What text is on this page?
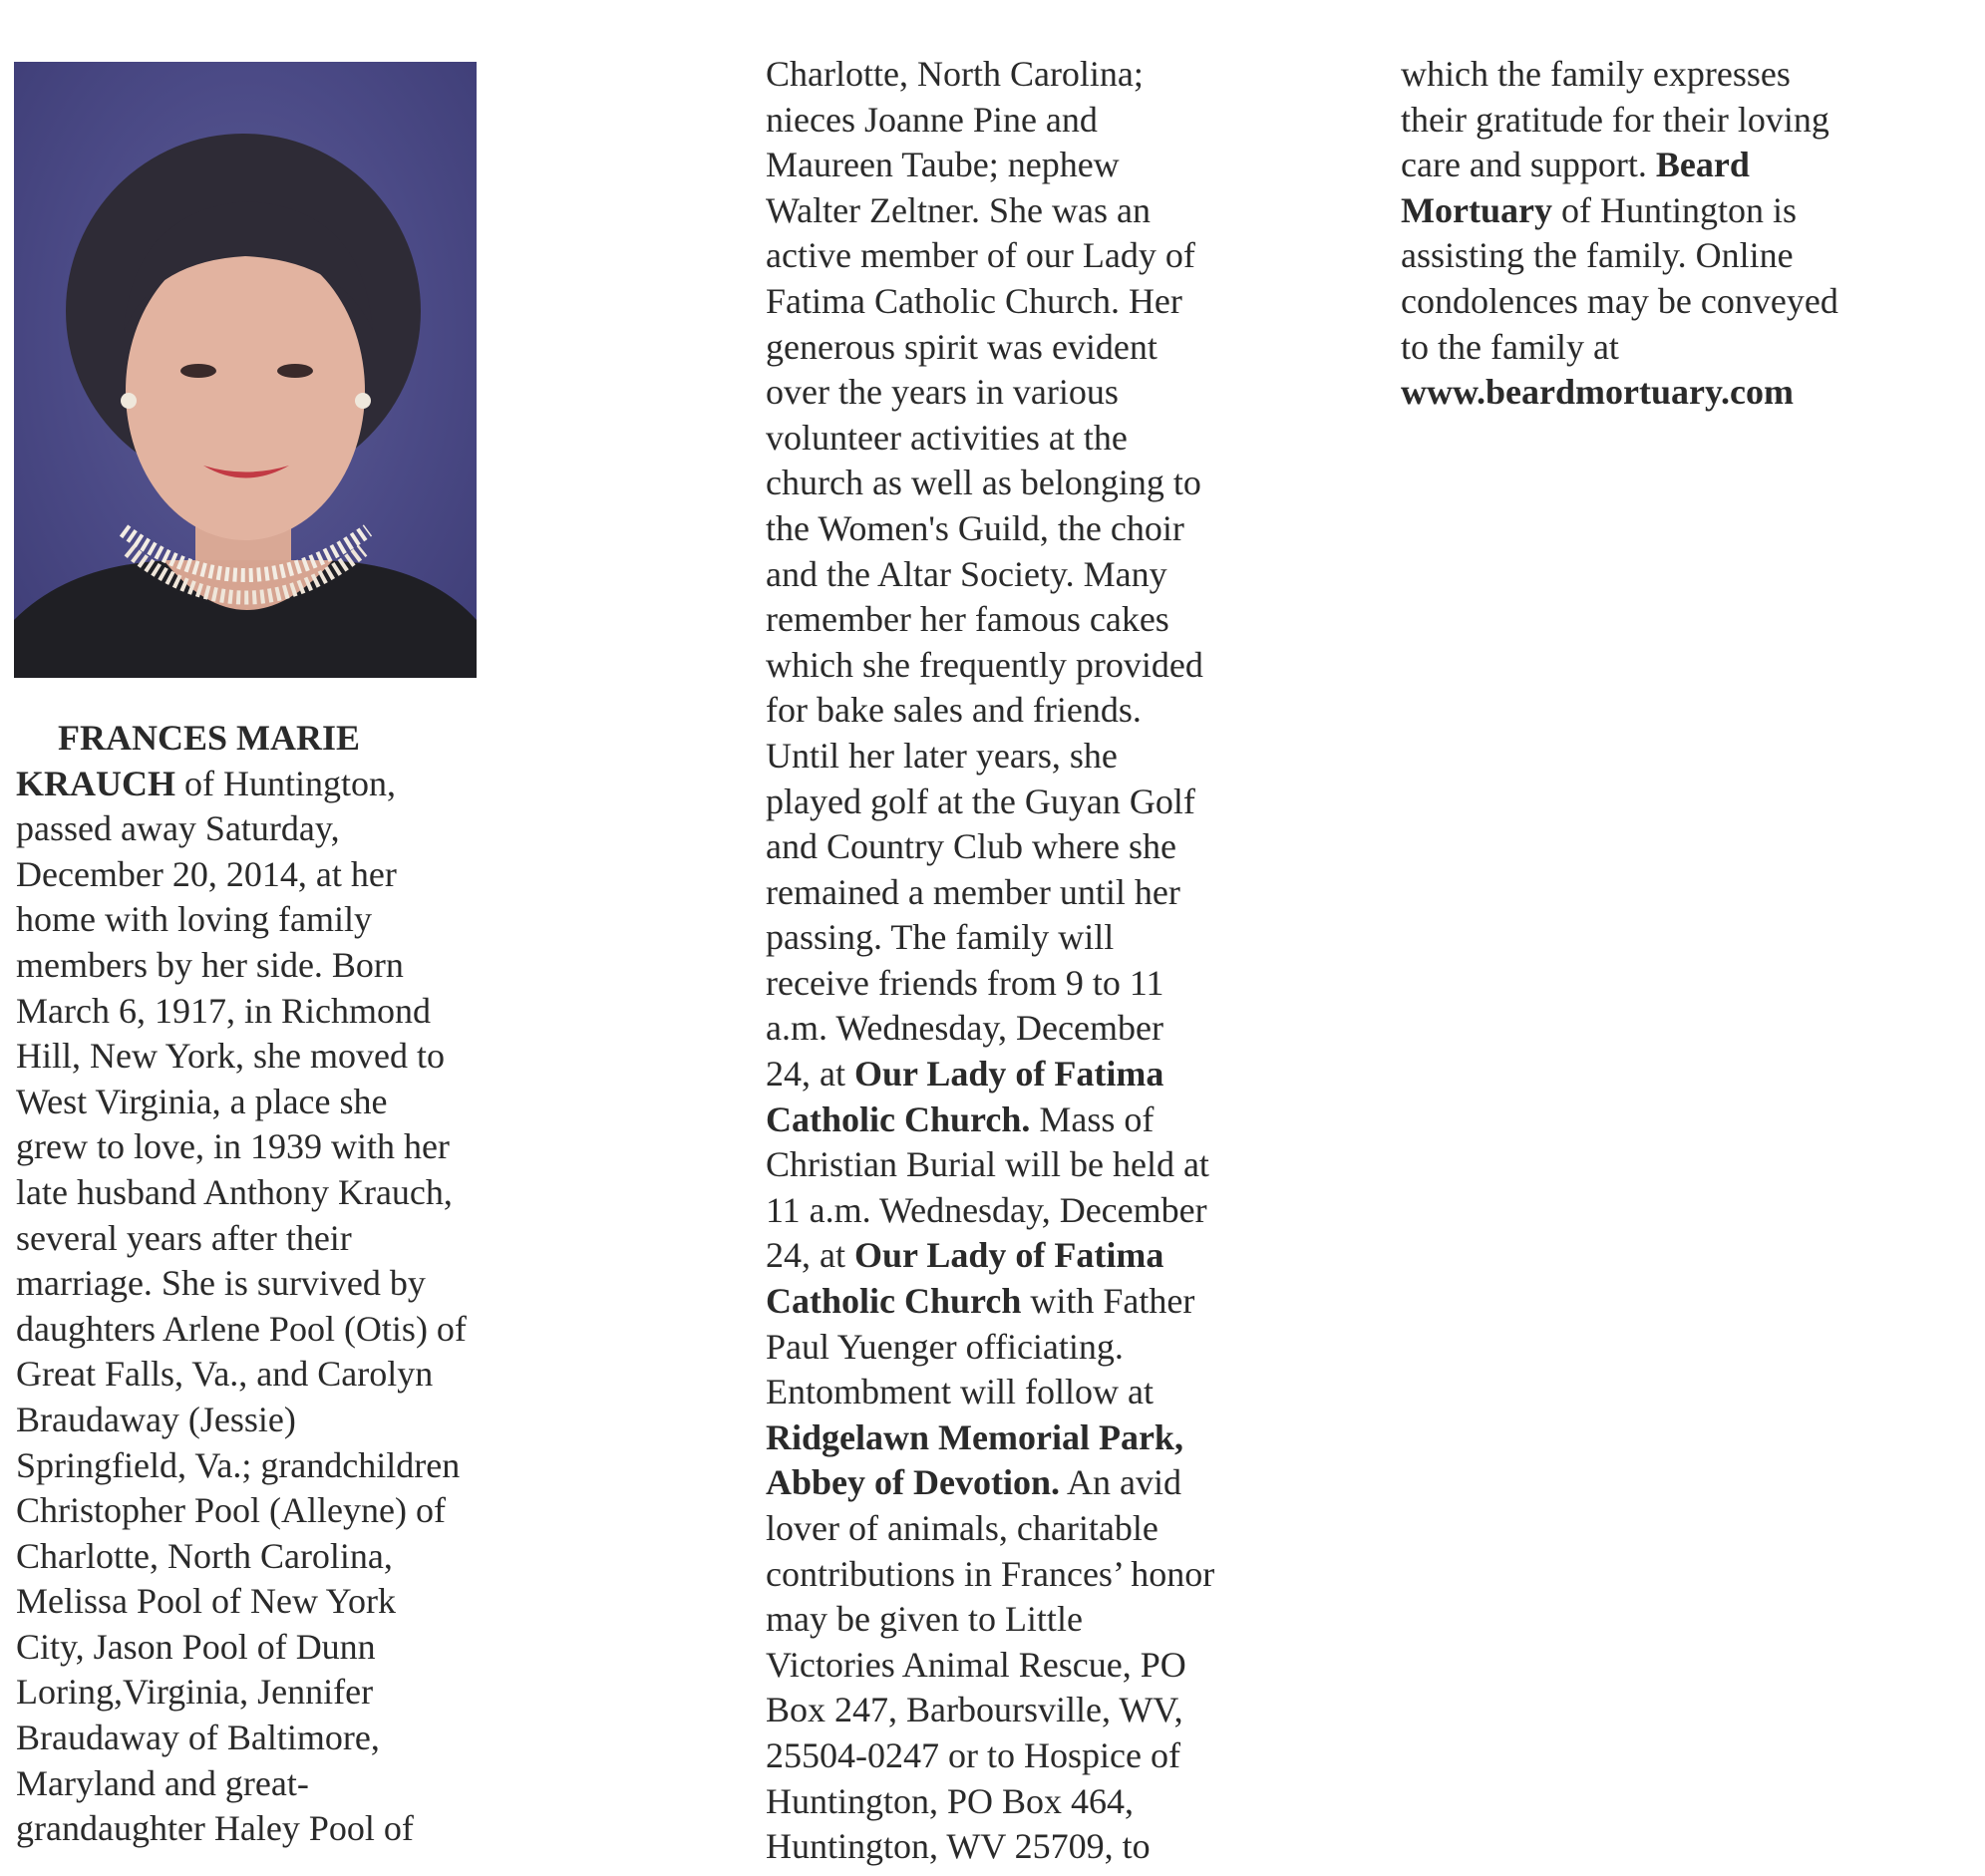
FRANCES MARIE
KRAUCH of Huntington,
passed away Saturday,
December 20, 2014, at her
home with loving family
members by her side. Born
March 6, 1917, in Richmond
Hill, New York, she moved to
West Virginia, a place she
grew to love, in 1939 with her
late husband Anthony Krauch,
several years after their
marriage. She is survived by
daughters Arlene Pool (Otis) of
Great Falls, Va., and Carolyn
Braudaway (Jessie)
Springfield, Va.; grandchildren
Christopher Pool (Alleyne) of
Charlotte, North Carolina,
Melissa Pool of New York
City, Jason Pool of Dunn
Loring,Virginia, Jennifer
Braudaway of Baltimore,
Maryland and great-
grandaughter Haley Pool of
Charlotte, North Carolina;
nieces Joanne Pine and
Maureen Taube; nephew
Walter Zeltner. She was an
active member of our Lady of
Fatima Catholic Church. Her
generous spirit was evident
over the years in various
volunteer activities at the
church as well as belonging to
the Women's Guild, the choir
and the Altar Society. Many
remember her famous cakes
which she frequently provided
for bake sales and friends.
Until her later years, she
played golf at the Guyan Golf
and Country Club where she
remained a member until her
passing. The family will
receive friends from 9 to 11
a.m. Wednesday, December
24, at Our Lady of Fatima
Catholic Church. Mass of
Christian Burial will be held at
11 a.m. Wednesday, December
24, at Our Lady of Fatima
Catholic Church with Father
Paul Yuenger officiating.
Entombment will follow at
Ridgelawn Memorial Park,
Abbey of Devotion. An avid
lover of animals, charitable
contributions in Frances’ honor
may be given to Little
Victories Animal Rescue, PO
Box 247, Barboursville, WV,
25504-0247 or to Hospice of
Huntington, PO Box 464,
Huntington, WV 25709, to
which the family expresses
their gratitude for their loving
care and support. Beard
Mortuary of Huntington is
assisting the family. Online
condolences may be conveyed
to the family at
www.beardmortuary.com
